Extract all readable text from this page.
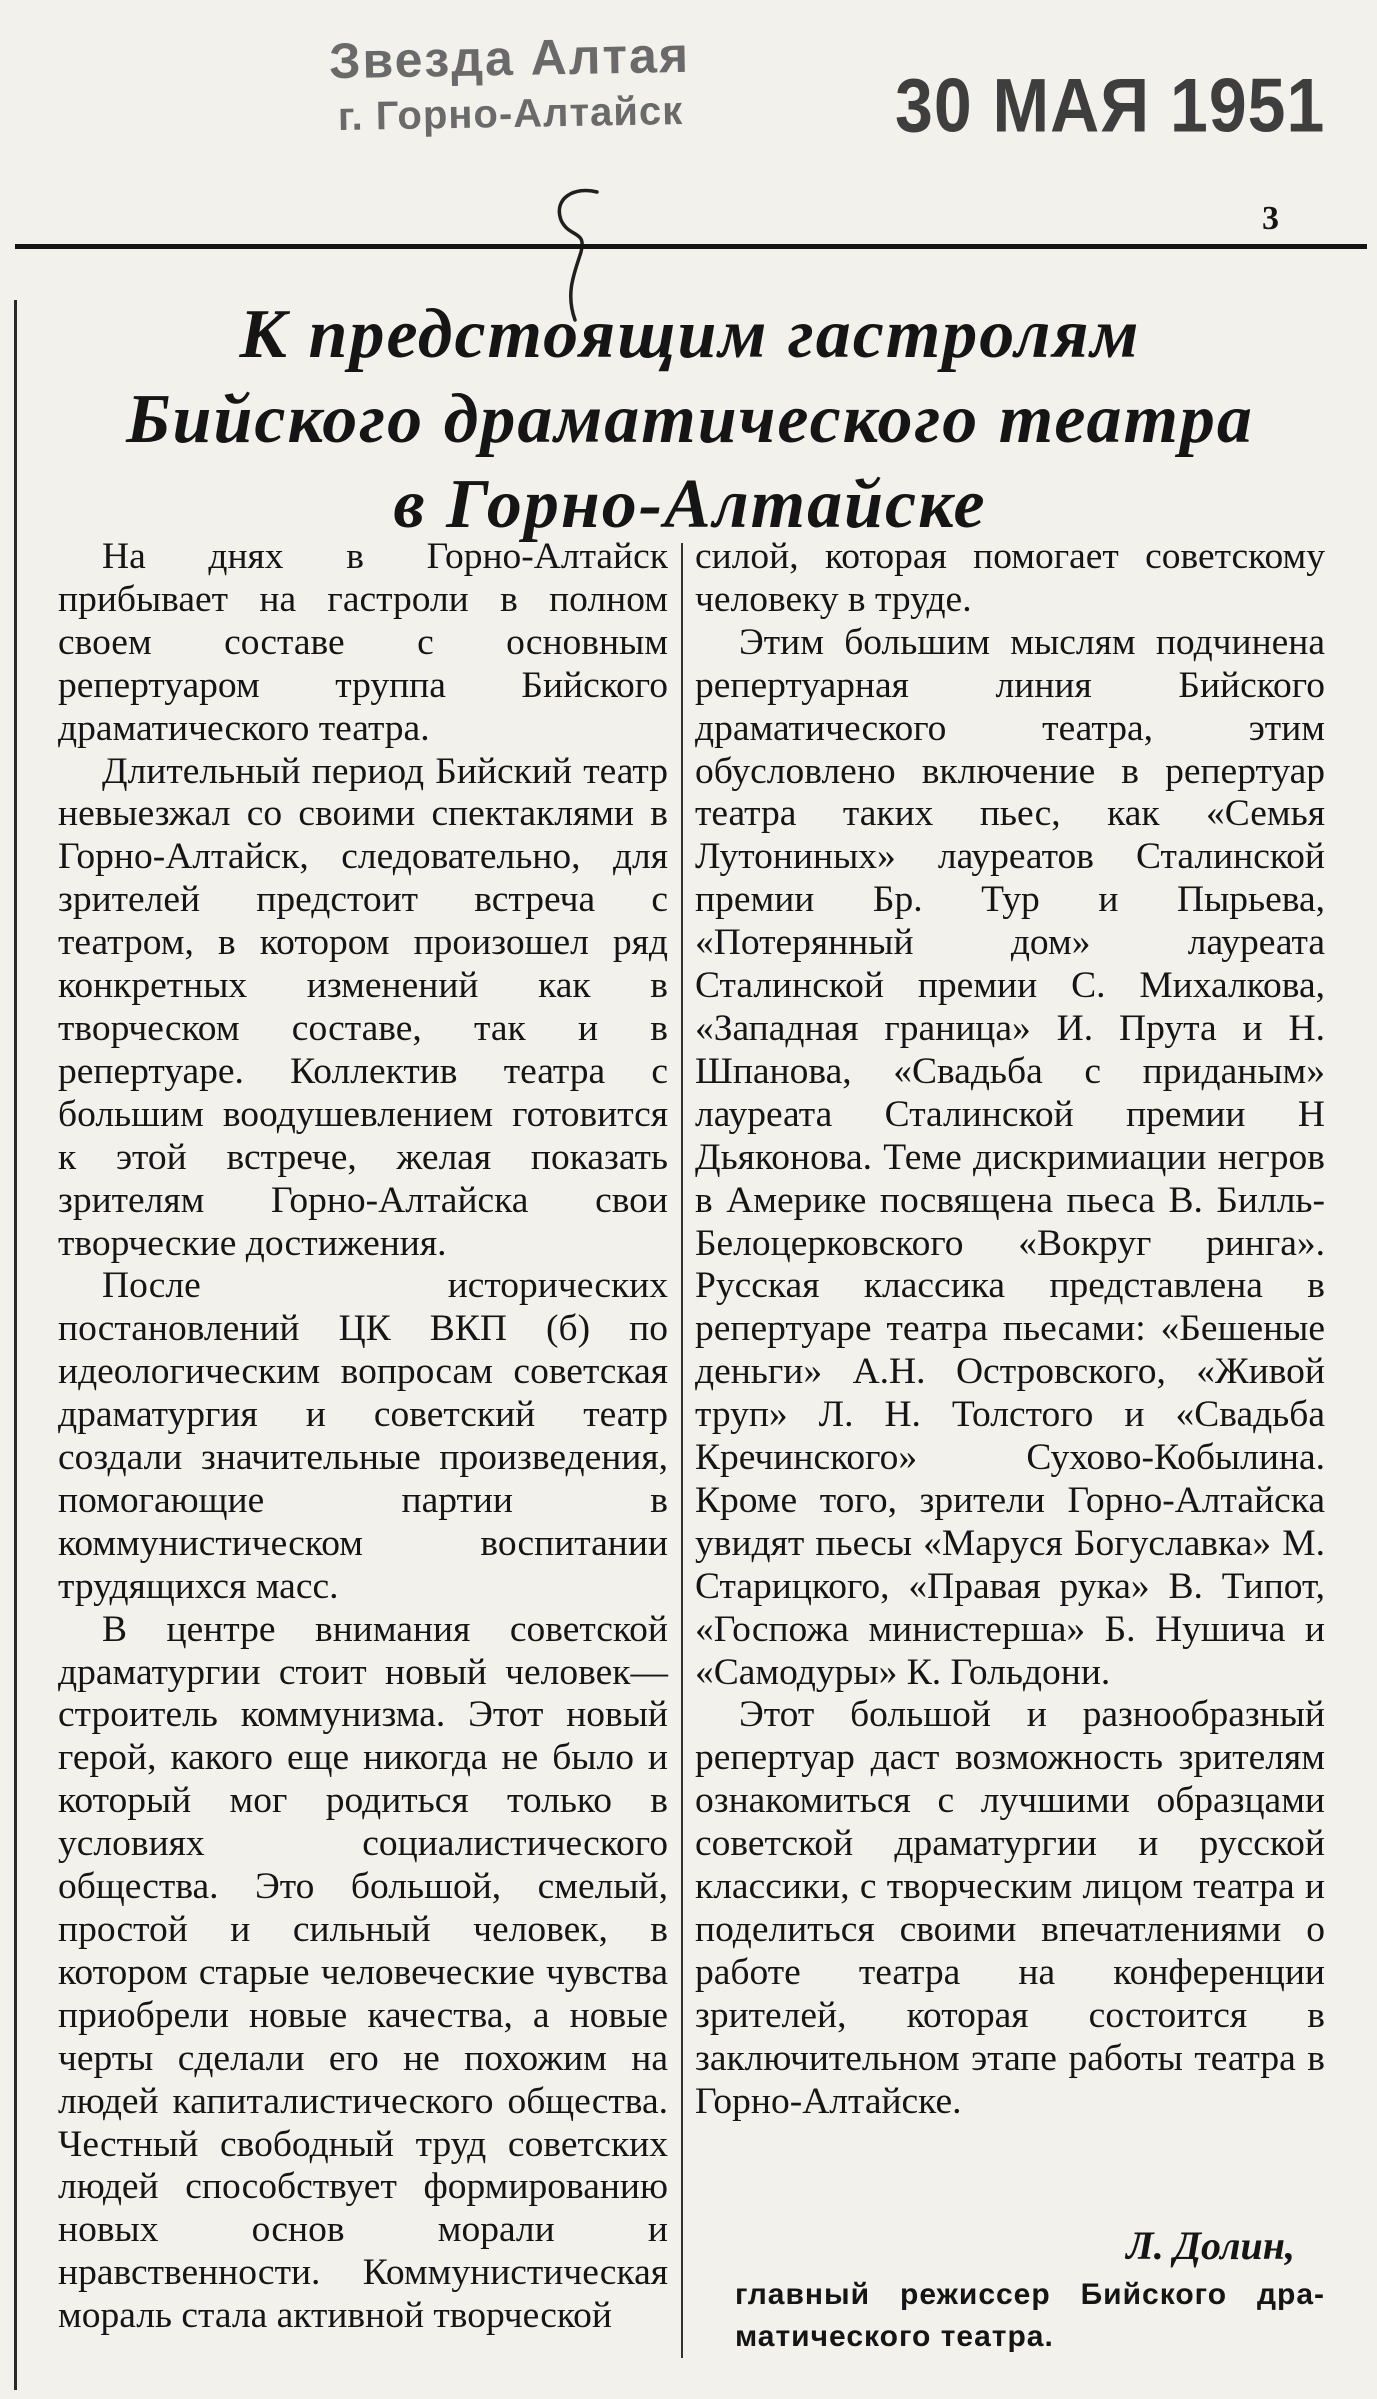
Звезда Алтая
г. Горно-Алтайск	30 МАЯ 1951
3
К предстоящим гастролям
Бийского драматического театра
в Горно-Алтайске

На днях в Горно-Алтайск прибывает на гастроли в полном своем составе с основным репертуаром труппа Бийского драматического театра.

Длительный период Бийский театр невыезжал со своими спектаклями в Горно-Алтайск, следовательно, для зрителей предстоит встреча с театром, в котором произошел ряд конкретных изменений как в творческом составе, так и в репертуаре. Коллектив театра с большим воодушевлением готовится к этой встрече, желая показать зрителям Горно-Алтайска свои творческие достижения.

После исторических постановлений ЦК ВКП (б) по идеологическим вопросам советская драматургия и советский театр создали значительные произведения, помогающие партии в коммунистическом воспитании трудящихся масс.

В центре внимания советской драматургии стоит новый человек— строитель коммунизма. Этот новый герой, какого еще никогда не было и который мог родиться только в условиях социалистического общества. Это большой, смелый, простой и сильный человек, в котором старые человеческие чувства приобрели новые качества, а новые черты сделали его не похожим на людей капиталистического общества. Честный свободный труд советских людей способствует формированию новых основ морали и нравственности. Коммунистическая мораль стала активной творческой

силой, которая помогает советскому человеку в труде.

Этим большим мыслям подчинена репертуарная линия Бийского драматического театра, этим обусловлено включение в репертуар театра таких пьес, как «Семья Лутониных» лауреатов Сталинской премии Бр. Тур и Пырьева, «Потерянный дом» лауреата Сталинской премии С. Михалкова, «Западная граница» И. Прута и Н. Шпанова, «Свадьба с приданым» лауреата Сталинской премии Н Дьяконова. Теме дискримиации негров в Америке посвящена пьеса В. Билль-Белоцерковского «Вокруг ринга». Русская классика представлена в репертуаре театра пьесами: «Бешеные деньги» А.Н. Островского, «Живой труп» Л. Н. Толстого и «Свадьба Кречинского» Сухово-Кобылина. Кроме того, зрители Горно-Алтайска увидят пьесы «Маруся Богуславка» М. Старицкого, «Правая рука» В. Типот, «Госпожа министерша» Б. Нушича и «Самодуры» К. Гольдони.

Этот большой и разнообразный репертуар даст возможность зрителям ознакомиться с лучшими образцами советской драматургии и русской классики, с творческим лицом театра и поделиться своими впечатлениями о работе театра на конференции зрителей, которая состоится в заключительном этапе работы театра в Горно-Алтайске.

Л. Долин,
главный режиссер Бийского дра-
матического театра.
